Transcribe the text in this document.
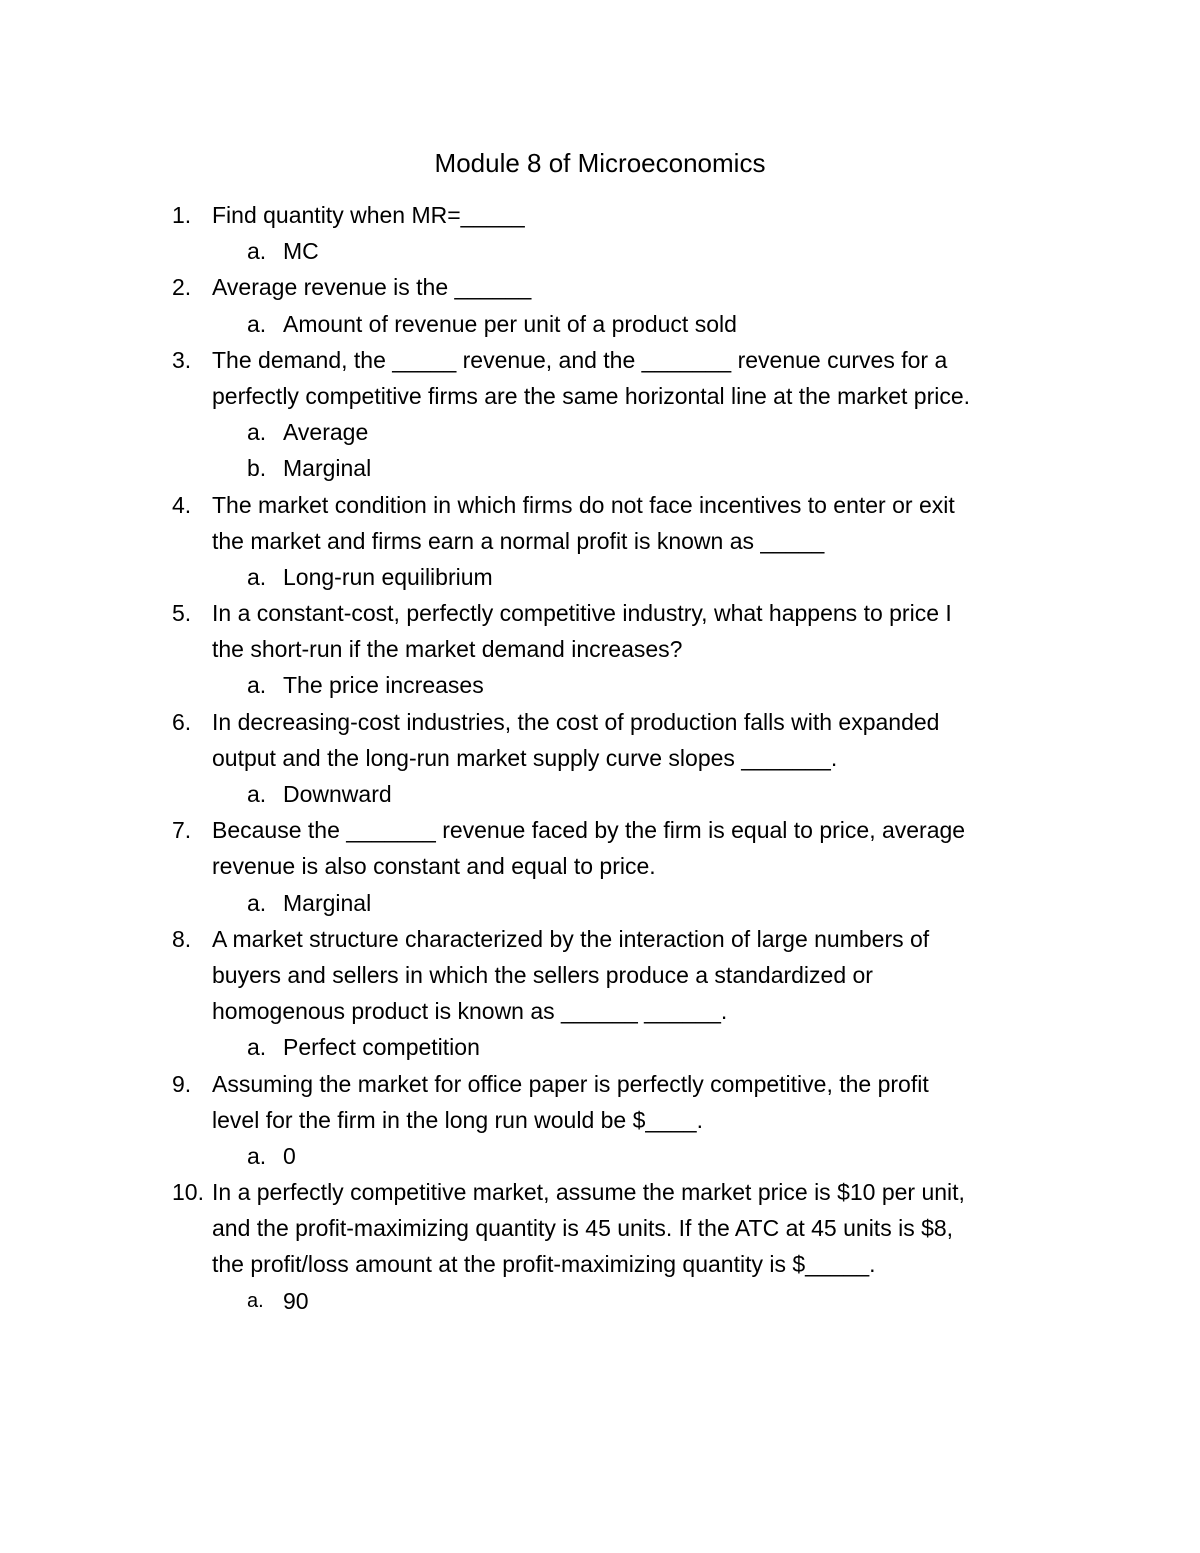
Module 8 of Microeconomics
1. Find quantity when MR=_____
a. MC
2. Average revenue is the ______
a. Amount of revenue per unit of a product sold
3. The demand, the _____ revenue, and the _______ revenue curves for a
perfectly competitive firms are the same horizontal line at the market price.
a. Average
b. Marginal
4. The market condition in which firms do not face incentives to enter or exit
the market and firms earn a normal profit is known as _____
a. Long-run equilibrium
5. In a constant-cost, perfectly competitive industry, what happens to price I
the short-run if the market demand increases?
a. The price increases
6. In decreasing-cost industries, the cost of production falls with expanded
output and the long-run market supply curve slopes _______.
a. Downward
7. Because the _______ revenue faced by the firm is equal to price, average
revenue is also constant and equal to price.
a. Marginal
8. A market structure characterized by the interaction of large numbers of
buyers and sellers in which the sellers produce a standardized or
homogenous product is known as ______ ______.
a. Perfect competition
9. Assuming the market for office paper is perfectly competitive, the profit
level for the firm in the long run would be $____.
a. 0
10. In a perfectly competitive market, assume the market price is $10 per unit,
and the profit-maximizing quantity is 45 units. If the ATC at 45 units is $8,
the profit/loss amount at the profit-maximizing quantity is $_____.
a. 90
